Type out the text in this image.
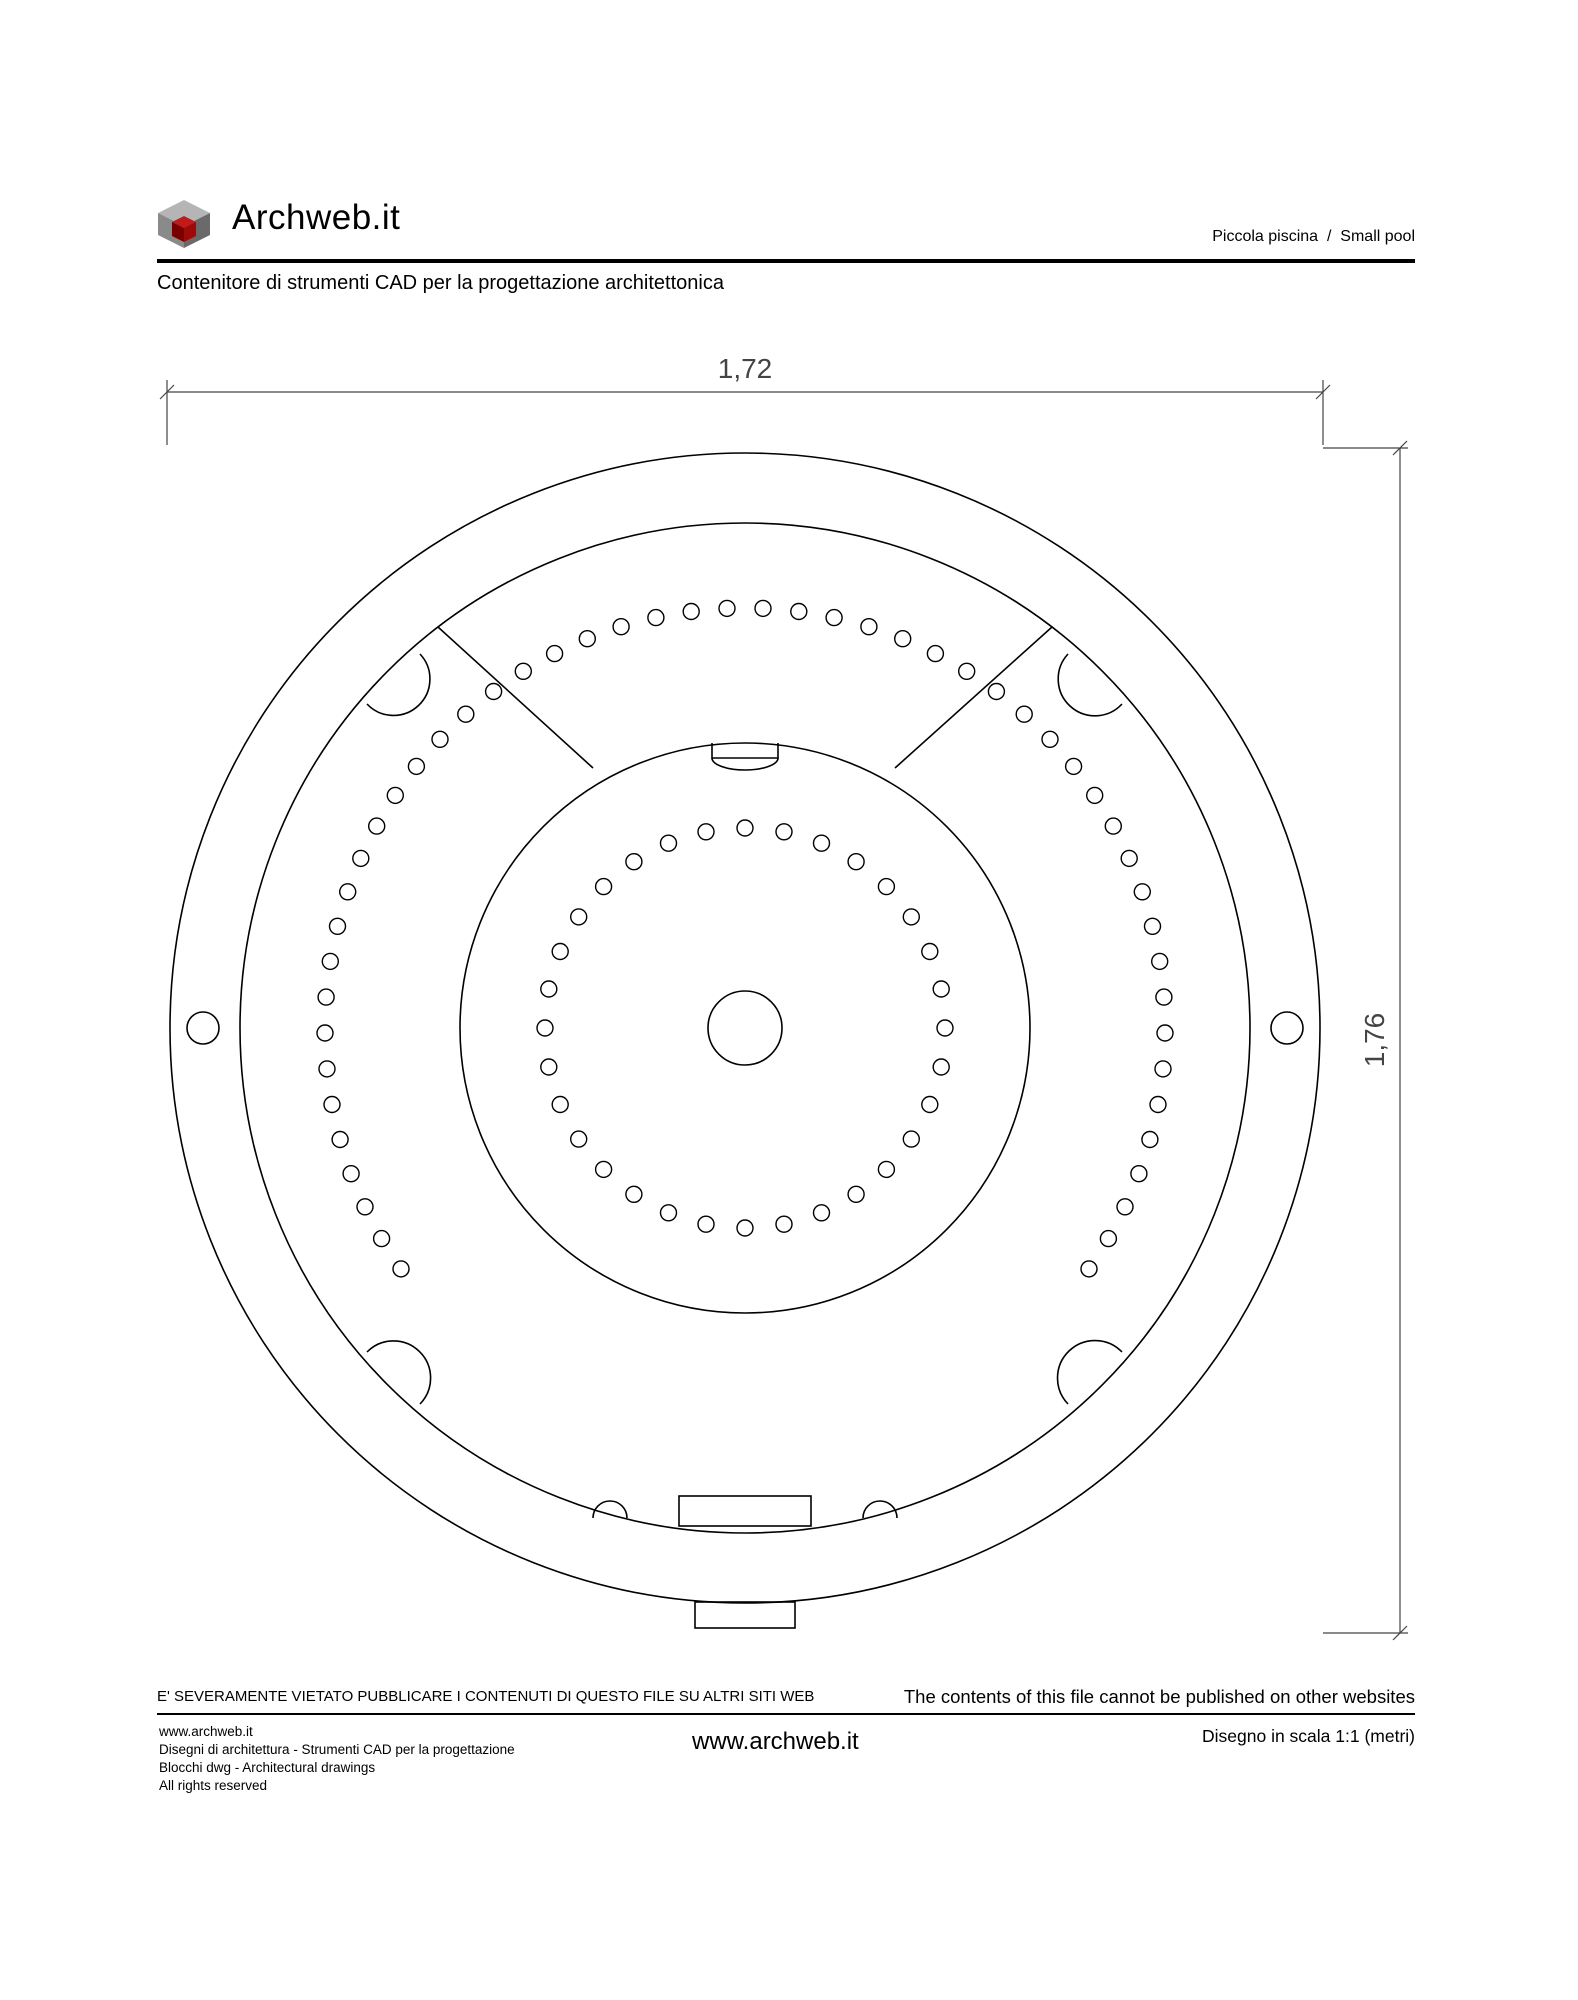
Archweb.it	Piccola piscina  /  Small pool
Contenitore di strumenti CAD per la progettazione architettonica
1,72
1,76
E' SEVERAMENTE VIETATO PUBBLICARE I CONTENUTI DI QUESTO FILE SU ALTRI SITI WEB	The contents of this file cannot be published on other websites
www.archweb.it
Disegni di architettura - Strumenti CAD per la progettazione
Blocchi dwg - Architectural drawings
All rights reserved
www.archweb.it	Disegno in scala 1:1 (metri)
